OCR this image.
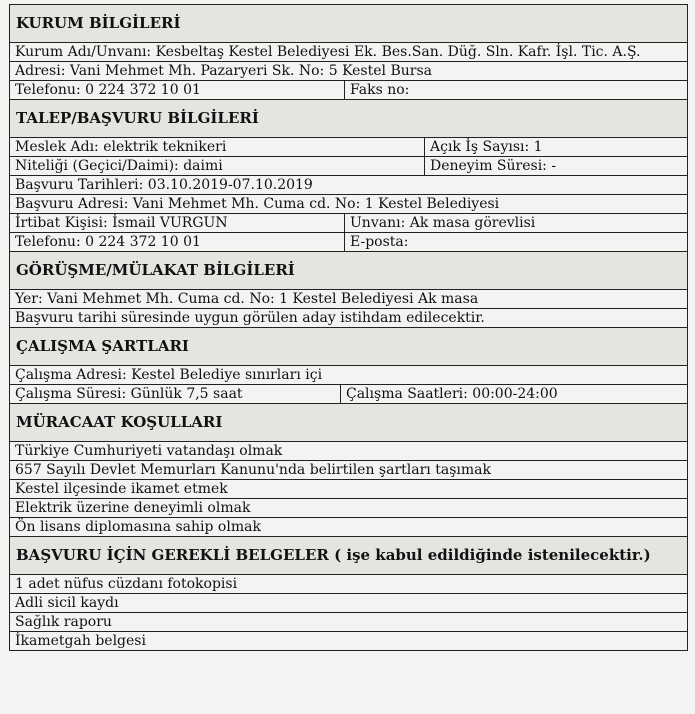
KURUM BİLGİLERİ
Kurum Adı/Unvanı: Kesbeltaş Kestel Belediyesi Ek. Bes.San. Düğ. Sln. Kafr. İşl. Tic. A.Ş.
Adresi: Vani Mehmet Mh. Pazaryeri Sk. No: 5 Kestel Bursa
Telefonu: 0 224 372 10 01	Faks no:
TALEP/BAŞVURU BİLGİLERİ
Meslek Adı: elektrik teknikeri	Açık İş Sayısı: 1
Niteliği (Geçici/Daimi): daimi	Deneyim Süresi: -
Başvuru Tarihleri: 03.10.2019-07.10.2019
Başvuru Adresi: Vani Mehmet Mh. Cuma cd. No: 1 Kestel Belediyesi
İrtibat Kişisi: İsmail VURGUN	Unvanı: Ak masa görevlisi
Telefonu: 0 224 372 10 01	E-posta:
GÖRÜŞME/MÜLAKAT BİLGİLERİ
Yer: Vani Mehmet Mh. Cuma cd. No: 1 Kestel Belediyesi Ak masa
Başvuru tarihi süresinde uygun görülen aday istihdam edilecektir.
ÇALIŞMA ŞARTLARI
Çalışma Adresi: Kestel Belediye sınırları içi
Çalışma Süresi: Günlük 7,5 saat	Çalışma Saatleri: 00:00-24:00
MÜRACAAT KOŞULLARI
Türkiye Cumhuriyeti vatandaşı olmak
657 Sayılı Devlet Memurları Kanunu'nda belirtilen şartları taşımak
Kestel ilçesinde ikamet etmek
Elektrik üzerine deneyimli olmak
Ön lisans diplomasına sahip olmak
BAŞVURU İÇİN GEREKLİ BELGELER ( işe kabul edildiğinde istenilecektir.)
1 adet nüfus cüzdanı fotokopisi
Adli sicil kaydı
Sağlık raporu
İkametgah belgesi
